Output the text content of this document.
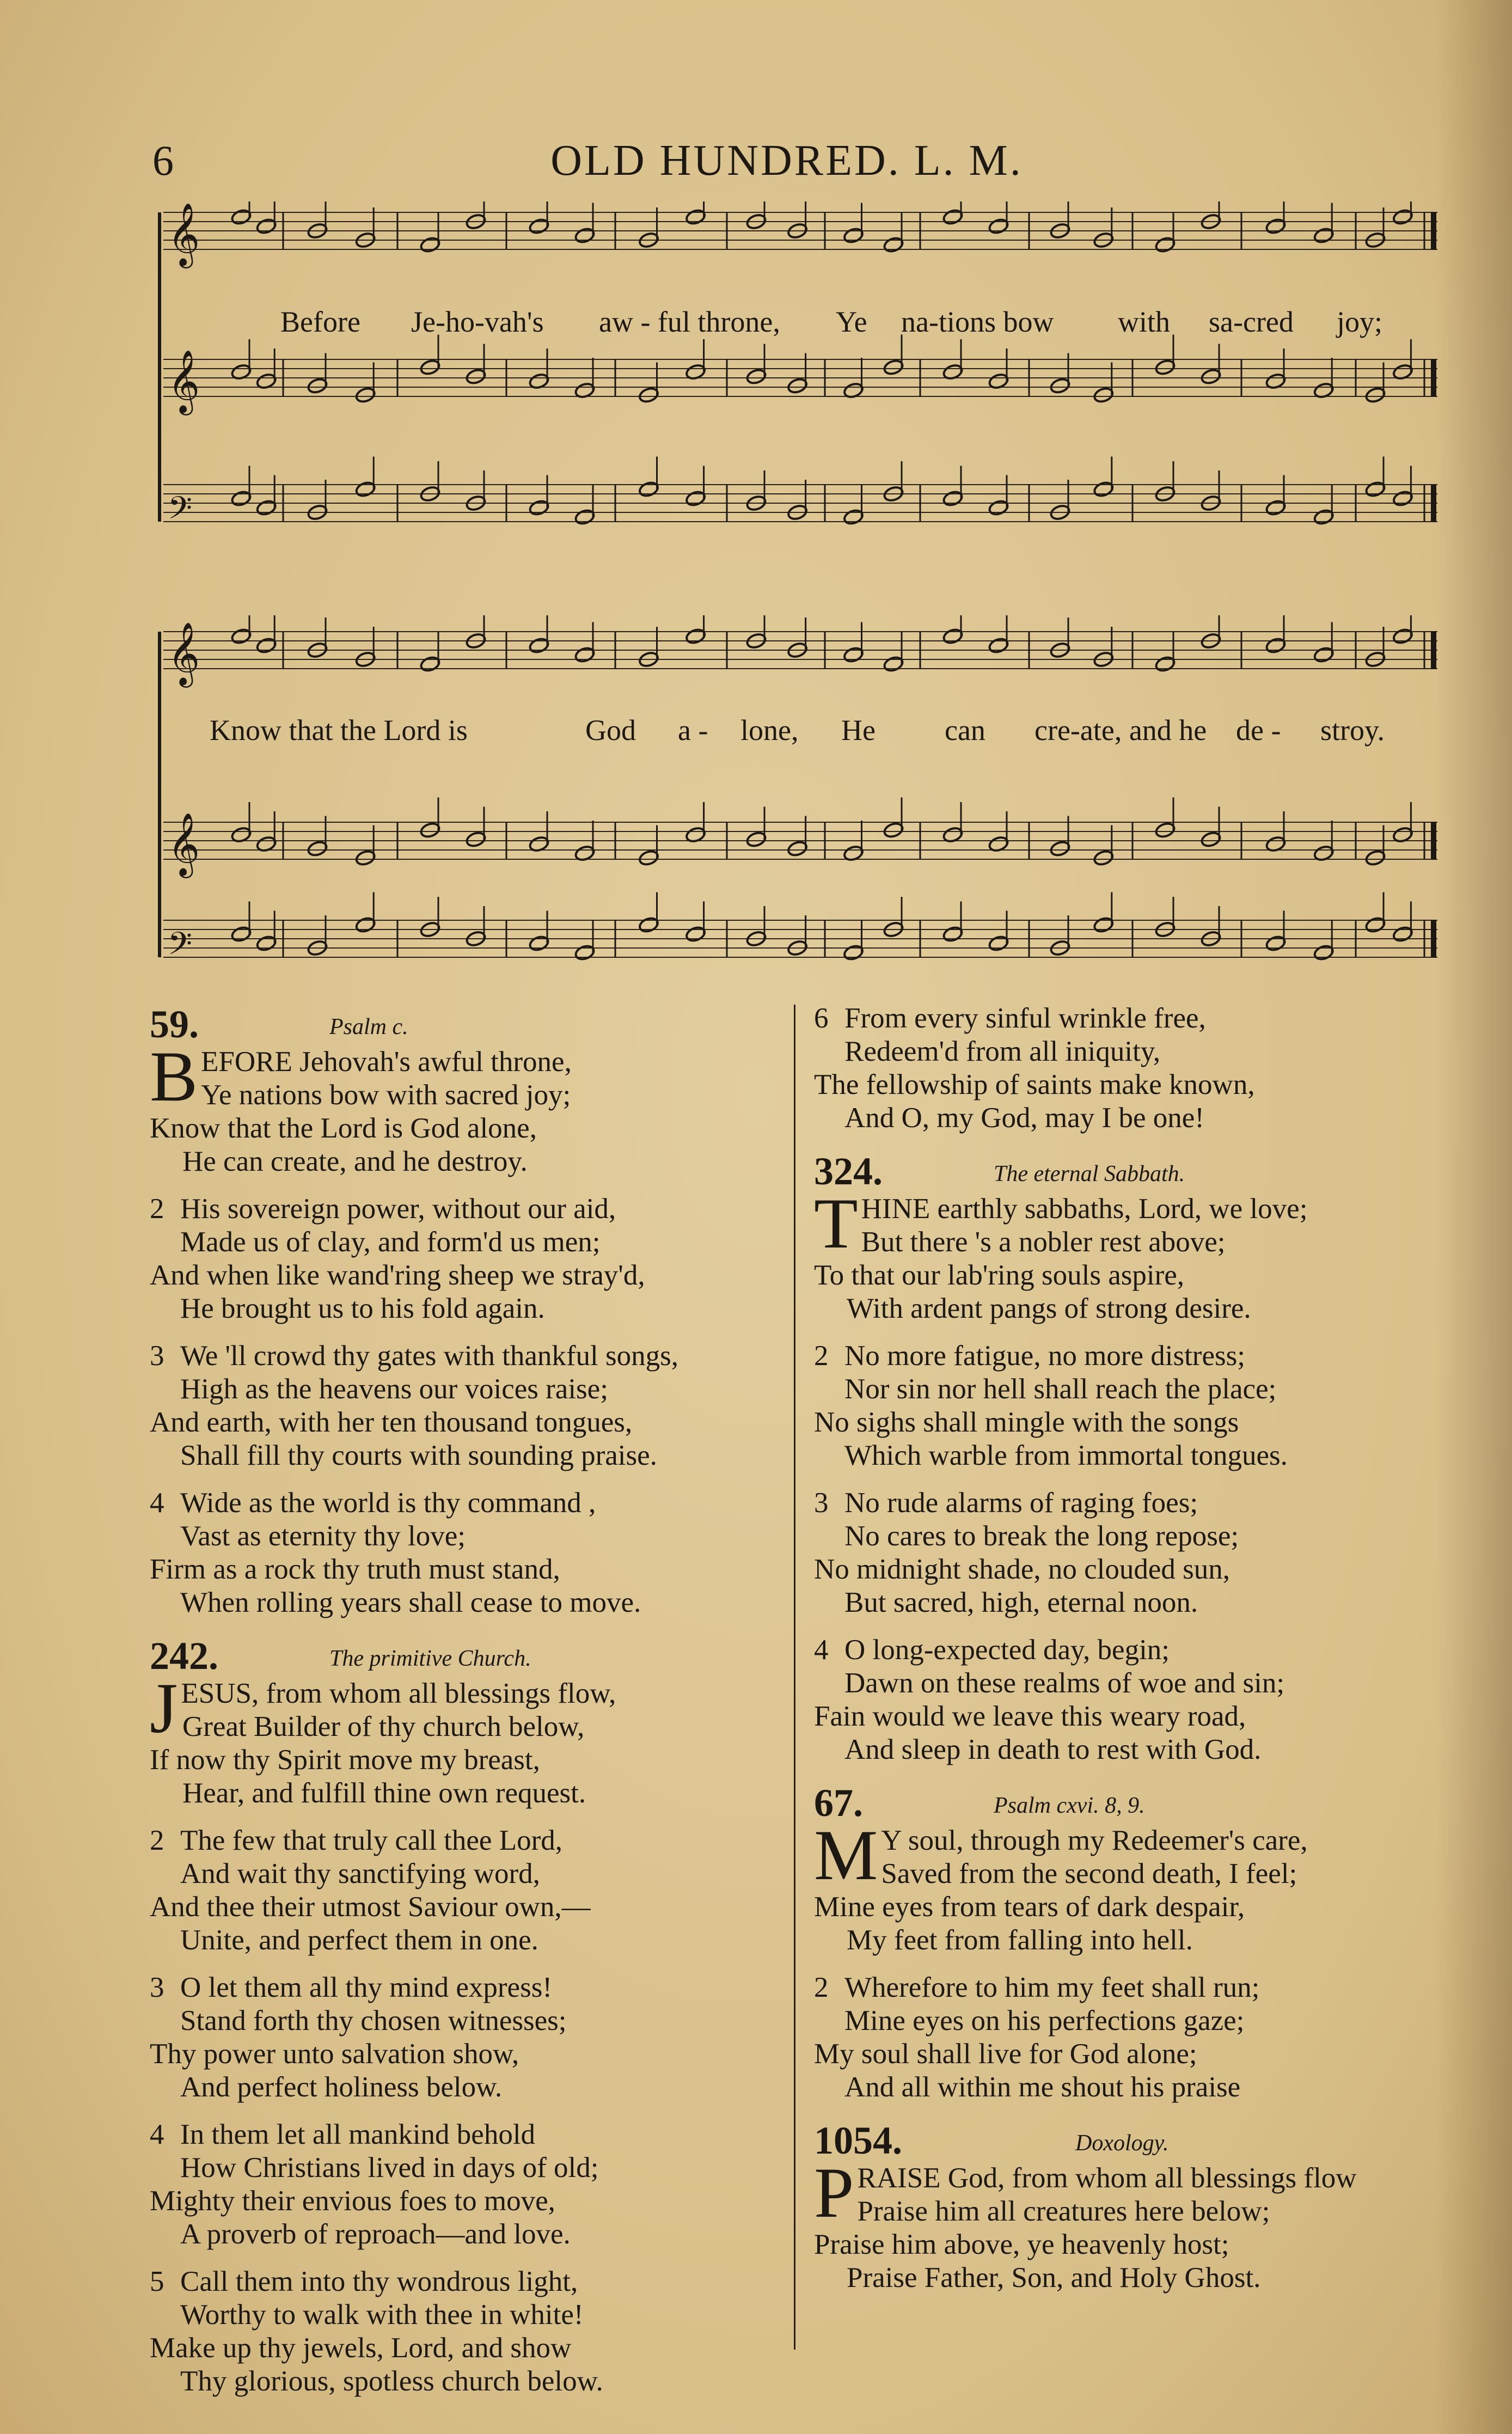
6	OLD HUNDRED. L. M.
𝄞
𝄞
𝄢
Before Je-ho-vah's aw - ful throne, Ye na-tions bow with sa-cred joy;
𝄞
𝄞
𝄢
Know that the Lord is	God a - lone, He can cre-ate, and he de - stroy.
59.	Psalm c.
BEFORE Jehovah's awful throne,
Ye nations bow with sacred joy;
Know that the Lord is God alone,
He can create, and he destroy.
2 His sovereign power, without our aid,
Made us of clay, and form'd us men;
And when like wand'ring sheep we stray'd,
He brought us to his fold again.
3 We 'll crowd thy gates with thankful songs,
High as the heavens our voices raise;
And earth, with her ten thousand tongues,
Shall fill thy courts with sounding praise.
4 Wide as the world is thy command ,
Vast as eternity thy love;
Firm as a rock thy truth must stand,
When rolling years shall cease to move.
242.	The primitive Church.
JESUS, from whom all blessings flow,
Great Builder of thy church below,
If now thy Spirit move my breast,
Hear, and fulfill thine own request.
2 The few that truly call thee Lord,
And wait thy sanctifying word,
And thee their utmost Saviour own,—
Unite, and perfect them in one.
3 O let them all thy mind express!
Stand forth thy chosen witnesses;
Thy power unto salvation show,
And perfect holiness below.
4 In them let all mankind behold
How Christians lived in days of old;
Mighty their envious foes to move,
A proverb of reproach—and love.
5 Call them into thy wondrous light,
Worthy to walk with thee in white!
Make up thy jewels, Lord, and show
Thy glorious, spotless church below.
6 From every sinful wrinkle free,
Redeem'd from all iniquity,
The fellowship of saints make known,
And O, my God, may I be one!
324.	The eternal Sabbath.
THINE earthly sabbaths, Lord, we love;
But there 's a nobler rest above;
To that our lab'ring souls aspire,
With ardent pangs of strong desire.
2 No more fatigue, no more distress;
Nor sin nor hell shall reach the place;
No sighs shall mingle with the songs
Which warble from immortal tongues.
3 No rude alarms of raging foes;
No cares to break the long repose;
No midnight shade, no clouded sun,
But sacred, high, eternal noon.
4 O long-expected day, begin;
Dawn on these realms of woe and sin;
Fain would we leave this weary road,
And sleep in death to rest with God.
67.	Psalm cxvi. 8, 9.
M Y soul, through my Redeemer's care,
Saved from the second death, I feel;
Mine eyes from tears of dark despair,
My feet from falling into hell.
2 Wherefore to him my feet shall run;
Mine eyes on his perfections gaze;
My soul shall live for God alone;
And all within me shout his praise
1054.	Doxology.
PRAISE God, from whom all blessings flow
Praise him all creatures here below;
Praise him above, ye heavenly host;
Praise Father, Son, and Holy Ghost.
